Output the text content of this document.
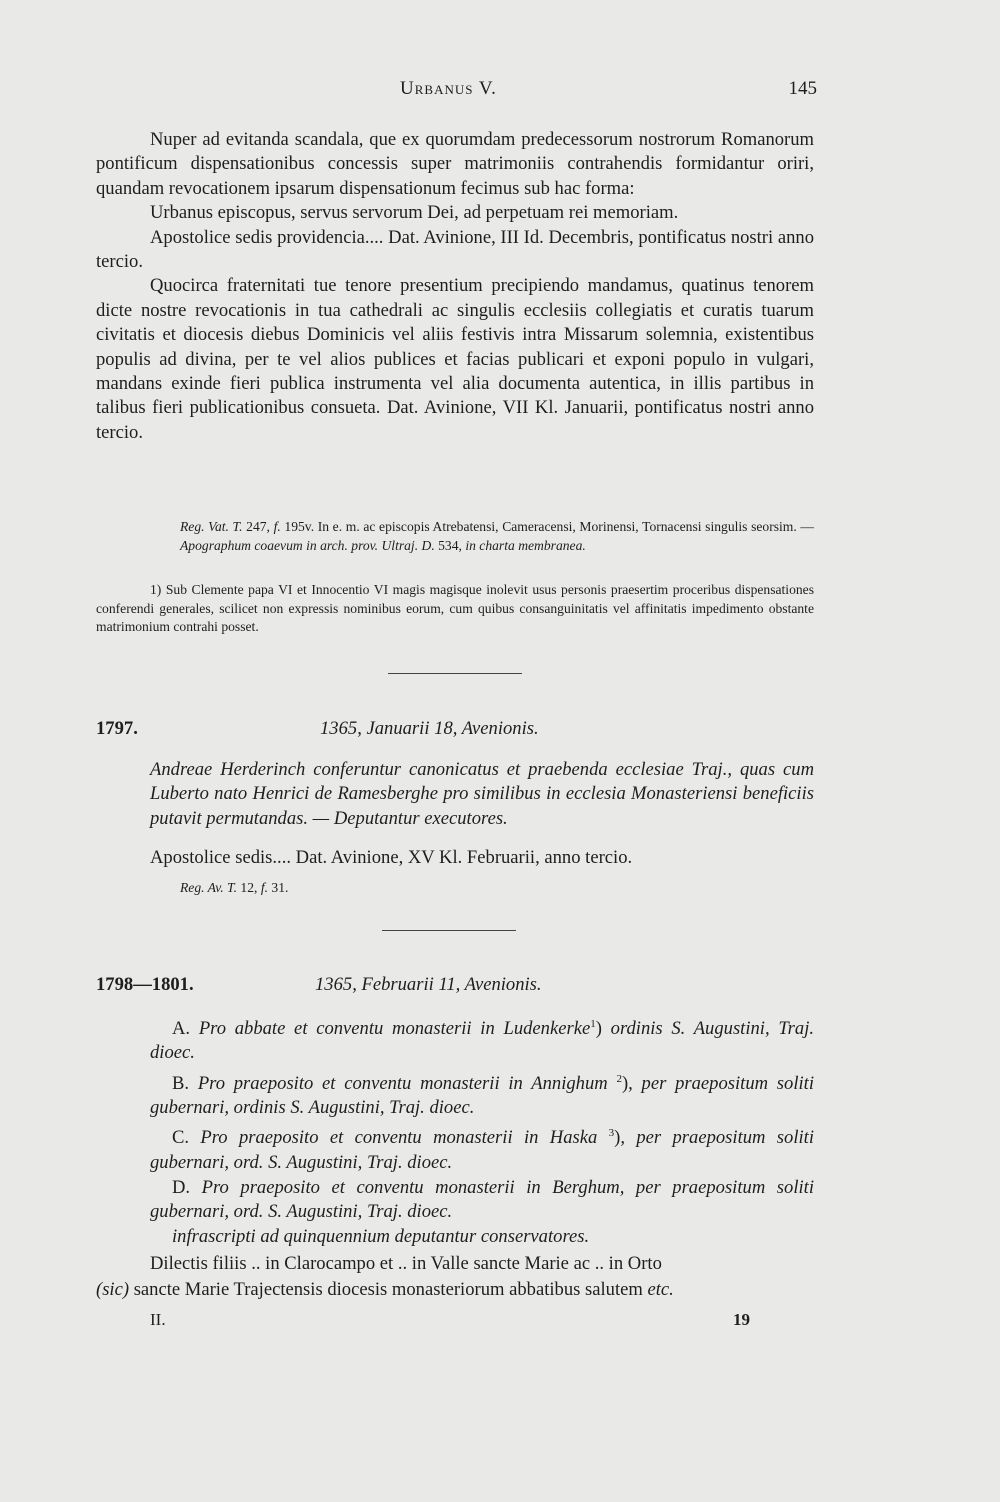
Urbanus V.	145

Nuper ad evitanda scandala, que ex quorumdam predecessorum nostrorum Romanorum pontificum dispensationibus concessis super matrimoniis contrahendis formidantur oriri, quandam revocationem ipsarum dispensationum fecimus sub hac forma:

Urbanus episcopus, servus servorum Dei, ad perpetuam rei memoriam.

Apostolice sedis providencia.... Dat. Avinione, III Id. Decembris, pontificatus nostri anno tercio.

Quocirca fraternitati tue tenore presentium precipiendo mandamus, quatinus tenorem dicte nostre revocationis in tua cathedrali ac singulis ecclesiis collegiatis et curatis tuarum civitatis et diocesis diebus Dominicis vel aliis festivis intra Missarum solemnia, existentibus populis ad divina, per te vel alios publices et facias publicari et exponi populo in vulgari, mandans exinde fieri publica instrumenta vel alia documenta autentica, in illis partibus in talibus fieri publicationibus consueta. Dat. Avinione, VII Kl. Januarii, pontificatus nostri anno tercio.

Reg. Vat. T. 247, f. 195v. In e. m. ac episcopis Atrebatensi, Cameracensi, Morinensi, Tornacensi singulis seorsim. — Apographum coaevum in arch. prov. Ultraj. D. 534, in charta membranea.

1) Sub Clemente papa VI et Innocentio VI magis magisque inolevit usus personis praesertim proceribus dispensationes conferendi generales, scilicet non expressis nominibus eorum, cum quibus consanguinitatis vel affinitatis impedimento obstante matrimonium contrahi posset.

1797.	1365, Januarii 18, Avenionis.

Andreae Herderinch conferuntur canonicatus et praebenda ecclesiae Traj., quas cum Luberto nato Henrici de Ramesberghe pro similibus in ecclesia Monasteriensi beneficiis putavit permutandas. — Deputantur executores.

Apostolice sedis.... Dat. Avinione, XV Kl. Februarii, anno tercio.
Reg. Av. T. 12, f. 31.
1798—1801.	1365, Februarii 11, Avenionis.

A. Pro abbate et conventu monasterii in Ludenkerke$^1$) ordinis S. Augustini, Traj. dioec.

B. Pro praeposito et conventu monasterii in Annighum $^2$), per praepositum soliti gubernari, ordinis S. Augustini, Traj. dioec.

C. Pro praeposito et conventu monasterii in Haska $^3$), per praepositum soliti gubernari, ord. S. Augustini, Traj. dioec.

D. Pro praeposito et conventu monasterii in Berghum, per praepositum soliti gubernari, ord. S. Augustini, Traj. dioec.

infrascripti ad quinquennium deputantur conservatores.

Dilectis filiis .. in Clarocampo et .. in Valle sancte Marie ac .. in Orto

(sic) sancte Marie Trajectensis diocesis monasteriorum abbatibus salutem etc.

II.	19
